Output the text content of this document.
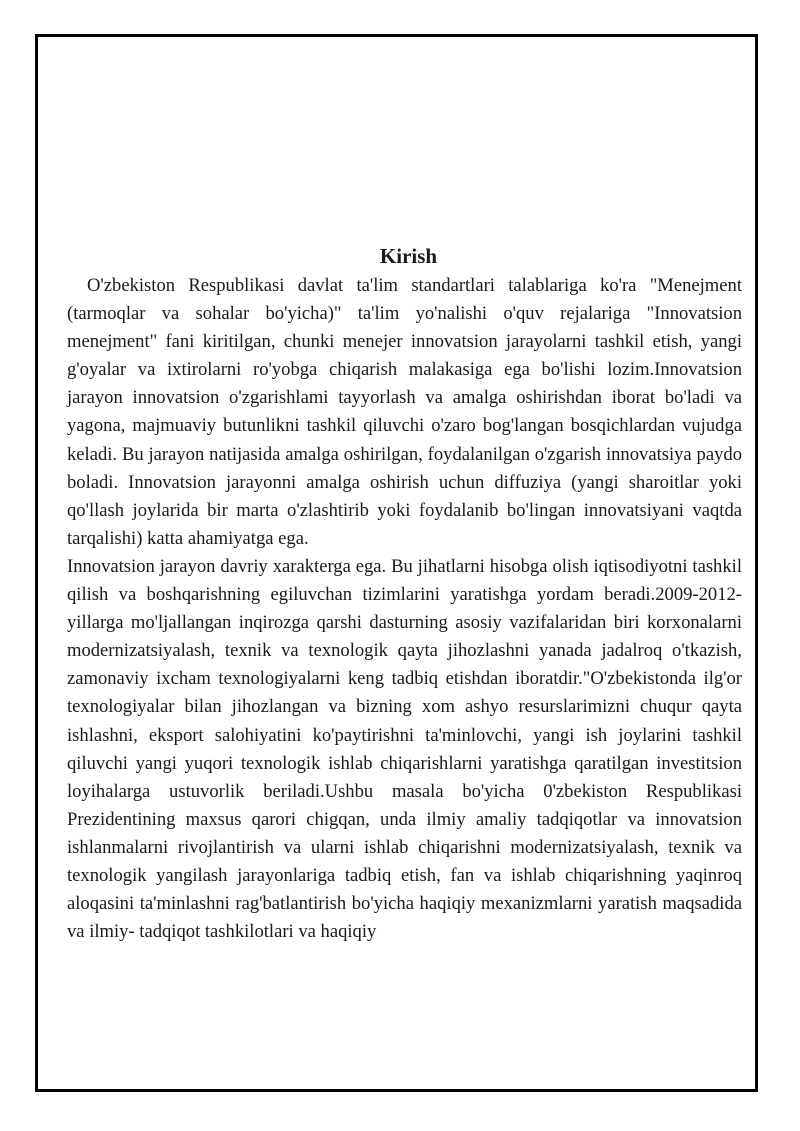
Kirish

O'zbekiston Respublikasi davlat ta'lim standartlari talablariga ko'ra "Menejment (tarmoqlar va sohalar bo'yicha)" ta'lim yo'nalishi o'quv rejalariga "Innovatsion menejment" fani kiritilgan, chunki menejer innovatsion jarayolarni tashkil etish, yangi g'oyalar va ixtirolarni ro'yobga chiqarish malakasiga ega bo'lishi lozim.Innovatsion jarayon innovatsion o'zgarishlami tayyorlash va amalga oshirishdan iborat bo'ladi va yagona, majmuaviy butunlikni tashkil qiluvchi o'zaro bog'langan bosqichlardan vujudga keladi. Bu jarayon natijasida amalga oshirilgan, foydalanilgan o'zgarish innovatsiya paydo boladi. Innovatsion jarayonni amalga oshirish uchun diffuziya (yangi sharoitlar yoki qo'llash joylarida bir marta o'zlashtirib yoki foydalanib bo'lingan innovatsiyani vaqtda tarqalishi) katta ahamiyatga ega.

Innovatsion jarayon davriy xarakterga ega. Bu jihatlarni hisobga olish iqtisodiyotni tashkil qilish va boshqarishning egiluvchan tizimlarini yaratishga yordam beradi.2009-2012-yillarga mo'ljallangan inqirozga qarshi dasturning asosiy vazifalaridan biri korxonalarni modernizatsiyalash, texnik va texnologik qayta jihozlashni yanada jadalroq o'tkazish, zamonaviy ixcham texnologiyalarni keng tadbiq etishdan iboratdir."O'zbekistonda ilg'or texnologiyalar bilan jihozlangan va bizning xom ashyo resurslarimizni chuqur qayta ishlashni, eksport salohiyatini ko'paytirishni ta'minlovchi, yangi ish joylarini tashkil qiluvchi yangi yuqori texnologik ishlab chiqarishlarni yaratishga qaratilgan investitsion loyihalarga ustuvorlik beriladi.Ushbu masala bo'yicha 0'zbekiston Respublikasi Prezidentining maxsus qarori chigqan, unda ilmiy amaliy tadqiqotlar va innovatsion ishlanmalarni rivojlantirish va ularni ishlab chiqarishni modernizatsiyalash, texnik va texnologik yangilash jarayonlariga tadbiq etish, fan va ishlab chiqarishning yaqinroq aloqasini ta'minlashni rag'batlantirish bo'yicha haqiqiy mexanizmlarni yaratish maqsadida va ilmiy- tadqiqot tashkilotlari va haqiqiy
